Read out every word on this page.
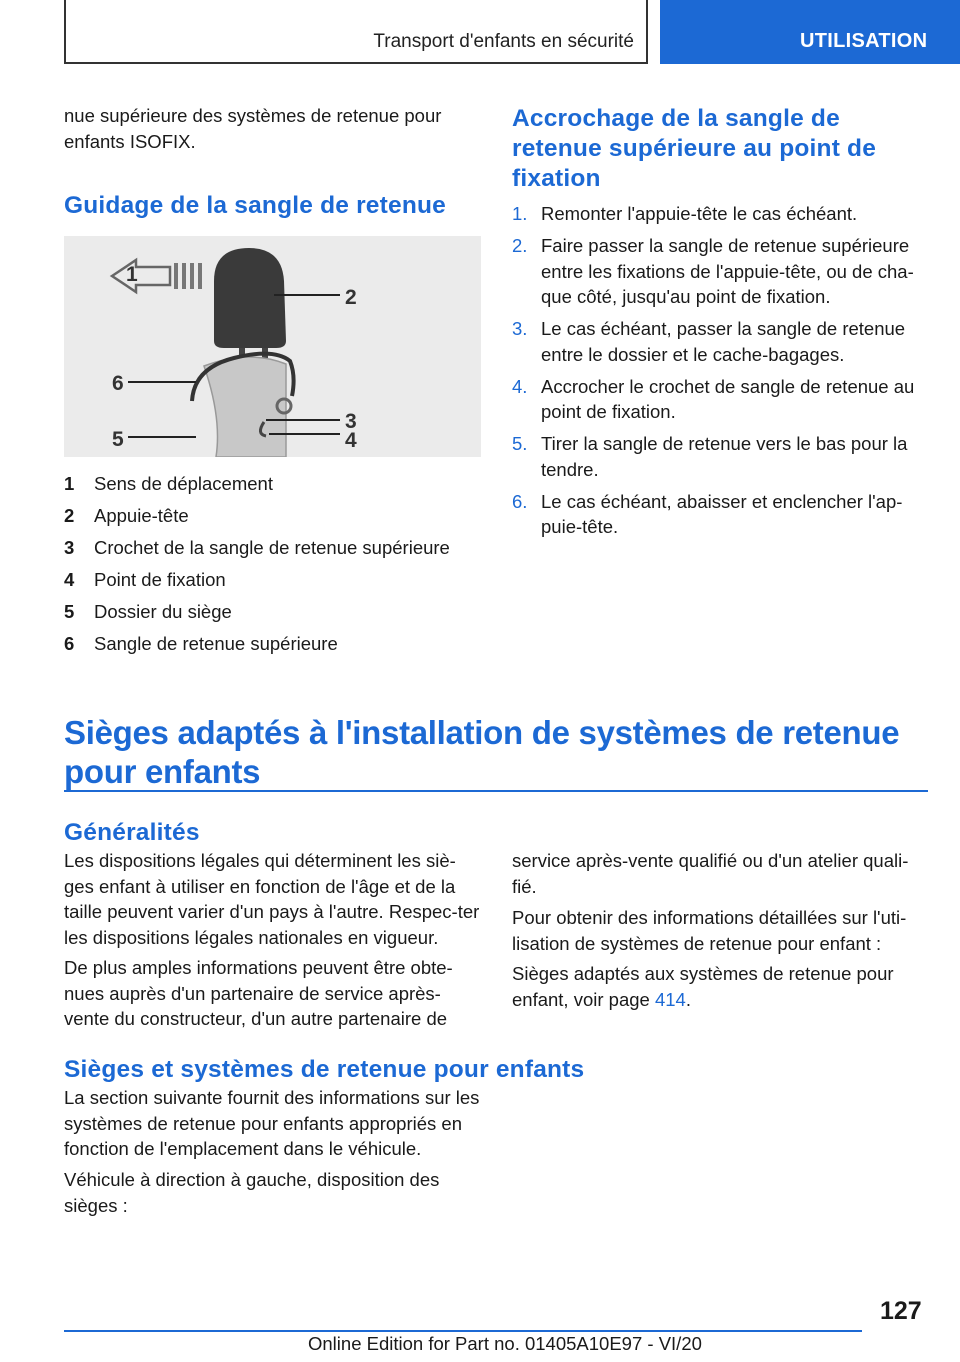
Transport d'enfants en sécurité	UTILISATION

nue supérieure des systèmes de retenue pour
enfants ISOFIX.

Guidage de la sangle de retenue
1
2
3
4
5
6
1	Sens de déplacement
2	Appuie-tête
3	Crochet de la sangle de retenue supérieure
4	Point de fixation
5	Dossier du siège
6	Sangle de retenue supérieure
Accrochage de la sangle de
retenue supérieure au point de
fixation
1. Remonter l'appuie-tête le cas échéant.
2. Faire passer la sangle de retenue supérieure entre les fixations de l'appuie-tête, ou de cha-que côté, jusqu'au point de fixation.
3. Le cas échéant, passer la sangle de retenue entre le dossier et le cache-bagages.
4. Accrocher le crochet de sangle de retenue au point de fixation.
5. Tirer la sangle de retenue vers le bas pour la tendre.
6. Le cas échéant, abaisser et enclencher l'ap-puie-tête.
Sièges adaptés à l'installation de systèmes de retenue
pour enfants
Généralités

Les dispositions légales qui déterminent les siè-ges enfant à utiliser en fonction de l'âge et de la taille peuvent varier d'un pays à l'autre. Respec-ter les dispositions légales nationales en vigueur.

De plus amples informations peuvent être obte-nues auprès d'un partenaire de service après-vente du constructeur, d'un autre partenaire de

service après-vente qualifié ou d'un atelier quali-fié.

Pour obtenir des informations détaillées sur l'uti-lisation de systèmes de retenue pour enfant :

Sièges adaptés aux systèmes de retenue pour enfant, voir page 414.

Sièges et systèmes de retenue pour enfants

La section suivante fournit des informations sur les systèmes de retenue pour enfants appropriés en fonction de l'emplacement dans le véhicule.

Véhicule à direction à gauche, disposition des sièges :

127
Online Edition for Part no. 01405A10E97 - VI/20
